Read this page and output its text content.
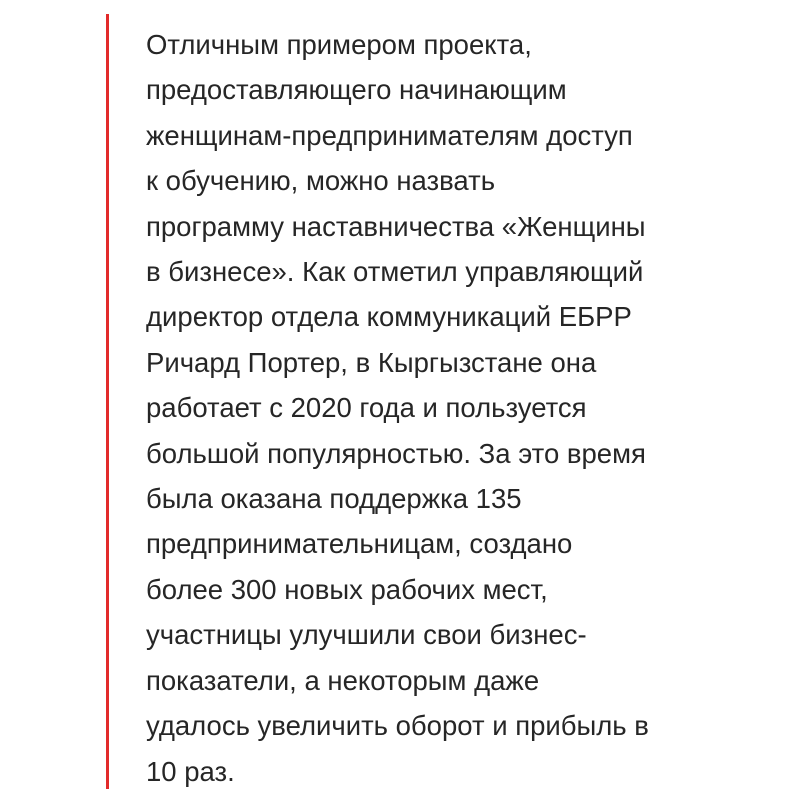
Отличным примером проекта,
предоставляющего начинающим
женщинам-предпринимателям доступ
к обучению, можно назвать
программу наставничества «Женщины
в бизнесе». Как отметил управляющий
директор отдела коммуникаций ЕБРР
Ричард Портер, в Кыргызстане она
работает с 2020 года и пользуется
большой популярностью. За это время
была оказана поддержка 135
предпринимательницам, создано
более 300 новых рабочих мест,
участницы улучшили свои бизнес-
показатели, а некоторым даже
удалось увеличить оборот и прибыль в
10 раз.
